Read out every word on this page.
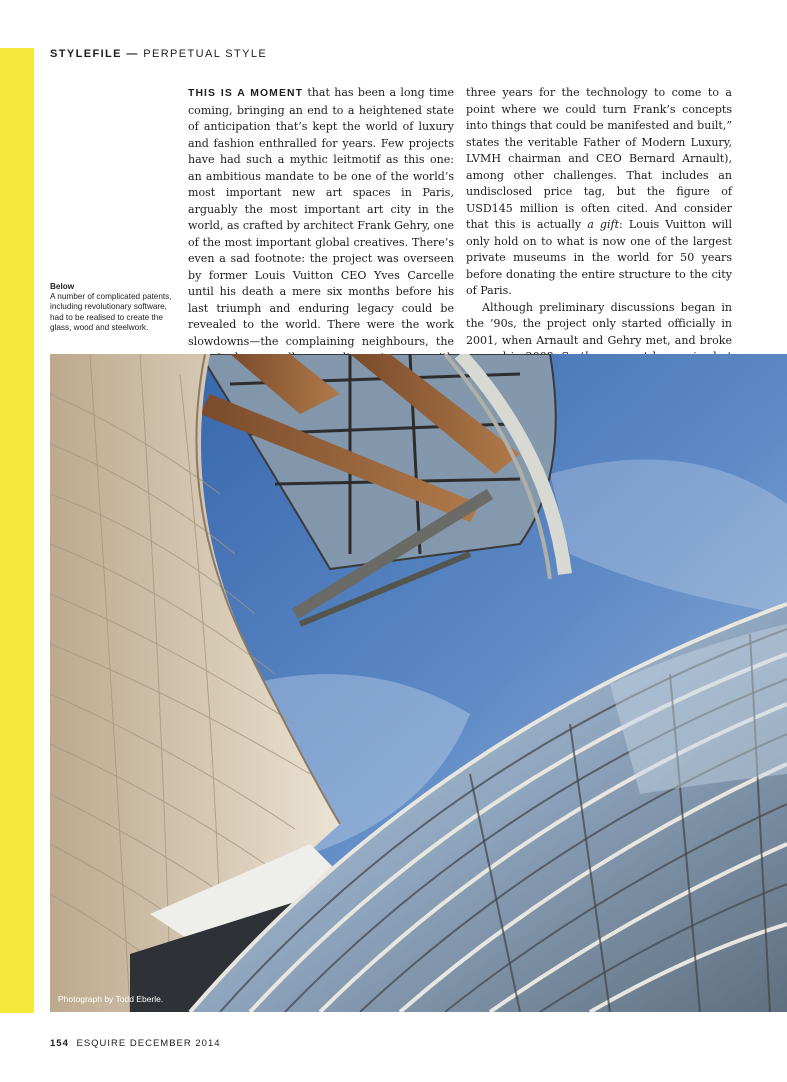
STYLEFILE — PERPETUAL STYLE
Below
A number of complicated patents, including revolutionary software, had to be realised to create the glass, wood and steelwork.

THIS IS A MOMENT that has been a long time coming, bringing an end to a heightened state of anticipation that’s kept the world of luxury and fashion enthralled for years. Few projects have had such a mythic leitmotif as this one: an ambitious mandate to be one of the world’s most important new art spaces in Paris, arguably the most important art city in the world, as crafted by architect Frank Gehry, one of the most important global creatives. There’s even a sad footnote: the project was overseen by former Louis Vuitton CEO Yves Carcelle until his death a mere six months before his last triumph and enduring legacy could be revealed to the world. There were the work slowdowns—the complaining neighbours, the

three years for the technology to come to a point where we could turn Frank’s concepts into things that could be manifested and built,” states the veritable Father of Modern Luxury, LVMH chairman and CEO Bernard Arnault), among other challenges. That includes an undisclosed price tag, but the figure of USD145 million is often cited. And consider that this is actually a gift: Louis Vuitton will only hold on to what is now one of the largest private museums in the world for 50 years before donating the entire structure to the city of Paris.

Although preliminary discussions began in the ’90s, the project only started officially in 2001, when Arnault and Gehry met, and broke

Photograph by Todd Eberle.
154 ESQUIRE DECEMBER 2014
